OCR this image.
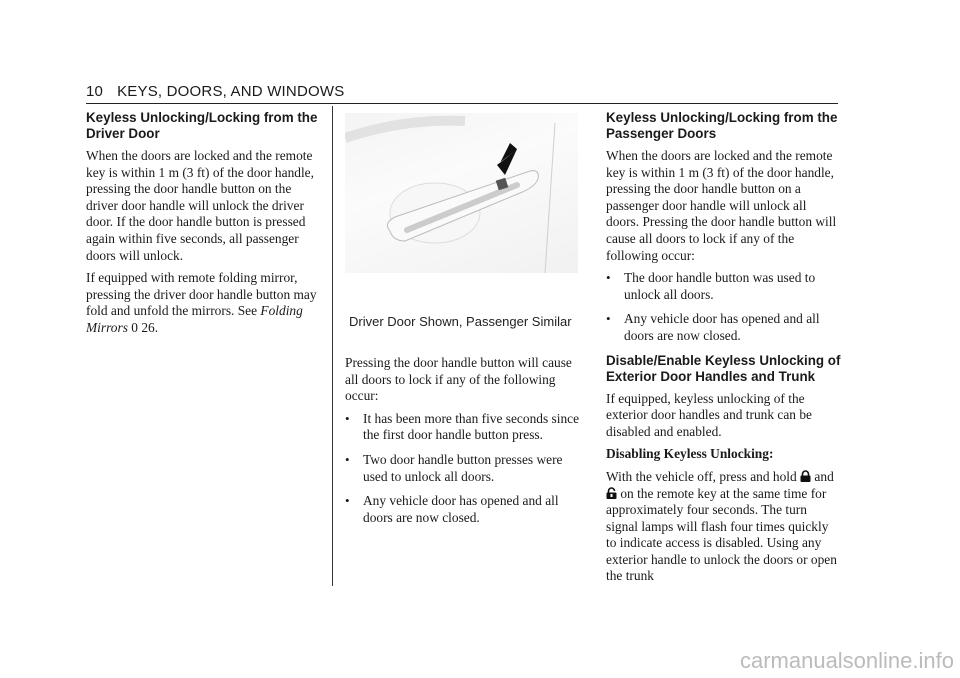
10 KEYS, DOORS, AND WINDOWS
Keyless Unlocking/Locking from the Driver Door

When the doors are locked and the remote key is within 1 m (3 ft) of the door handle, pressing the door handle button on the driver door handle will unlock the driver door. If the door handle button is pressed again within five seconds, all passenger doors will unlock.

If equipped with remote folding mirror, pressing the driver door handle button may fold and unfold the mirrors. See Folding Mirrors 0 26.	Driver Door Shown, Passenger Similar

Pressing the door handle button will cause all doors to lock if any of the following occur:

• It has been more than five seconds since the first door handle button press.
• Two door handle button presses were used to unlock all doors.
• Any vehicle door has opened and all doors are now closed.
Keyless Unlocking/Locking from the Passenger Doors

When the doors are locked and the remote key is within 1 m (3 ft) of the door handle, pressing the door handle button on a passenger door handle will unlock all doors. Pressing the door handle button will cause all doors to lock if any of the following occur:

• The door handle button was used to unlock all doors.
• Any vehicle door has opened and all doors are now closed.
Disable/Enable Keyless Unlocking of Exterior Door Handles and Trunk

If equipped, keyless unlocking of the exterior door handles and trunk can be disabled and enabled.

Disabling Keyless Unlocking:

With the vehicle off, press and hold  and  on the remote key at the same time for approximately four seconds. The turn signal lamps will flash four times quickly to indicate access is disabled. Using any exterior handle to unlock the doors or open the trunk

carmanualsonline.info
